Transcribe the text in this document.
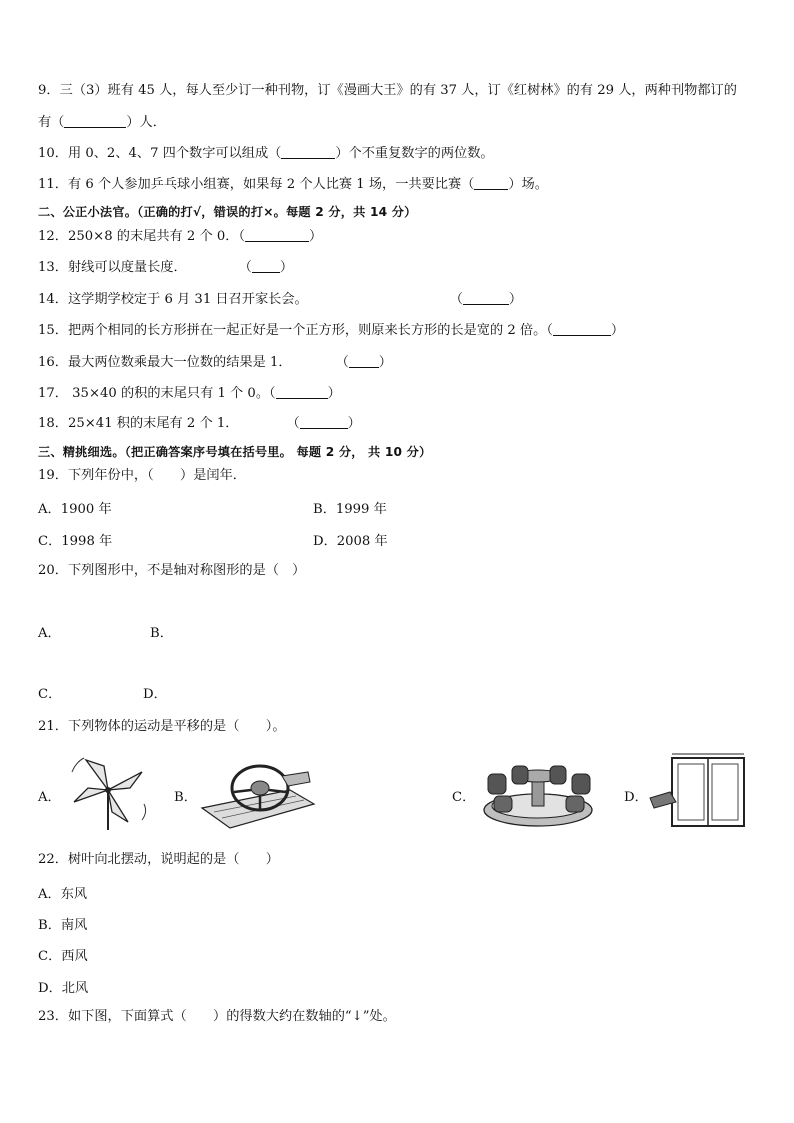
9．三（3）班有 45 人，每人至少订一种刊物，订《漫画大王》的有 37 人，订《红树林》的有 29 人，两种刊物都订的
有（	）人．
10．用 0、2、4、7 四个数字可以组成（	）个不重复数字的两位数。
11．有 6 个人参加乒乓球小组赛，如果每 2 个人比赛 1 场，一共要比赛（	）场。
二、公正小法官。（正确的打√，错误的打×。每题 2 分，共 14 分）
12．250×8 的末尾共有 2 个 0．（	）
13．射线可以度量长度．	（ ）
14．这学期学校定于 6 月 31 日召开家长会。	（	）
15．把两个相同的长方形拼在一起正好是一个正方形，则原来长方形的长是宽的 2 倍。（	）
16．最大两位数乘最大一位数的结果是 1．	（ ）
17． 35×40 的积的末尾只有 1 个 0。（	）
18．25×41 积的末尾有 2 个 1．	（	）
三、精挑细选。（把正确答案序号填在括号里。 每题 2 分， 共 10 分）
19．下列年份中，（　　）是闰年．
A．1900 年	B．1999 年
C．1998 年	D．2008 年
20．下列图形中，不是轴对称图形的是（　）
A．	B．
C．	D．
21．下列物体的运动是平移的是（　　）。
A．	B．	C．	D．
22．树叶向北摆动，说明起的是（　　）
A．东风
B．南风
C．西风
D．北风
23．如下图，下面算式（　　）的得数大约在数轴的“↓”处。
